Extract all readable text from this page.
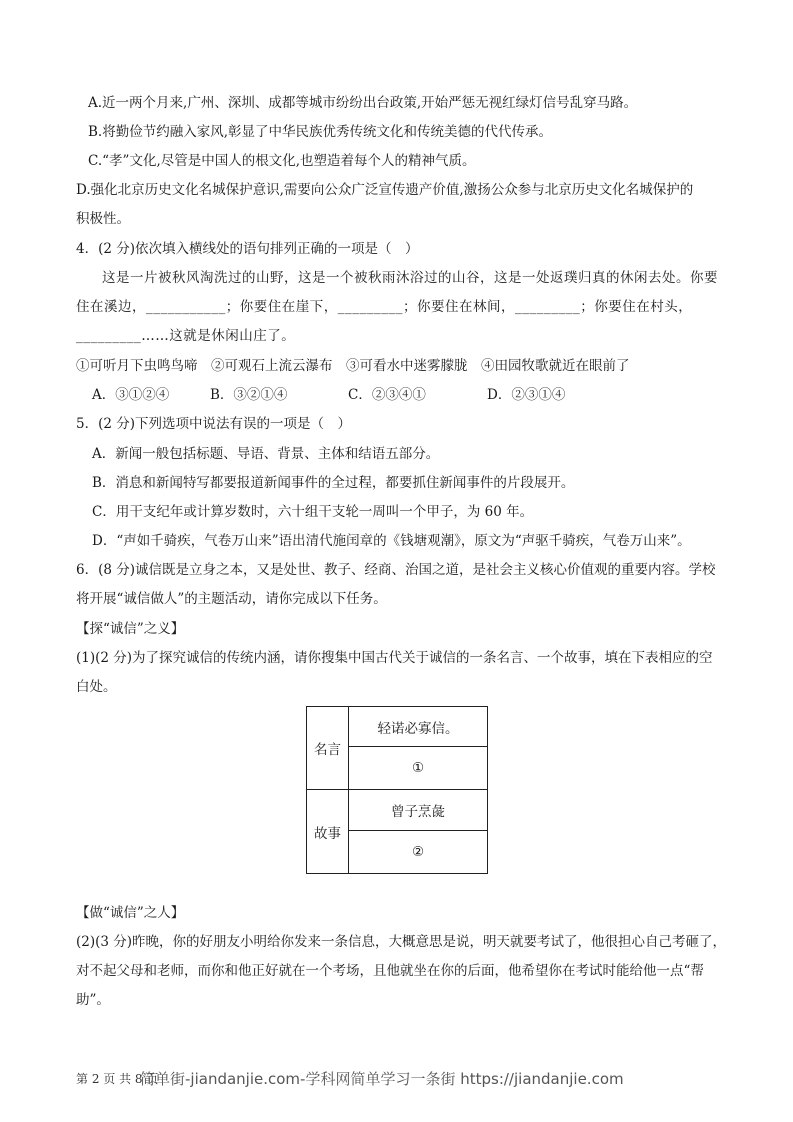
A.近一两个月来,广州、深圳、成都等城市纷纷出台政策,开始严惩无视红绿灯信号乱穿马路。
B.将勤俭节约融入家风,彰显了中华民族优秀传统文化和传统美德的代代传承。
C.“孝”文化,尽管是中国人的根文化,也塑造着每个人的精神气质。
D.强化北京历史文化名城保护意识,需要向公众广泛宣传遗产价值,激扬公众参与北京历史文化名城保护的
积极性。
4．(2 分)依次填入横线处的语句排列正确的一项是（　）
这是一片被秋风淘洗过的山野，这是一个被秋雨沐浴过的山谷，这是一处返璞归真的休闲去处。你要
住在溪边，___________；你要住在崖下，_________；你要住在林间，_________；你要住在村头，
_________……这就是休闲山庄了。
①可听月下虫鸣鸟啼　②可观石上流云瀑布　③可看水中迷雾朦胧　④田园牧歌就近在眼前了
A．③①②④	B．③②①④	C．②③④①	D．②③①④
5．(2 分)下列选项中说法有误的一项是（　）
A．新闻一般包括标题、导语、背景、主体和结语五部分。
B．消息和新闻特写都要报道新闻事件的全过程，都要抓住新闻事件的片段展开。
C．用干支纪年或计算岁数时，六十组干支轮一周叫一个甲子，为 60 年。
D．“声如千骑疾，气卷万山来”语出清代施闰章的《钱塘观潮》，原文为“声驱千骑疾，气卷万山来”。
6．(8 分)诚信既是立身之本，又是处世、教子、经商、治国之道，是社会主义核心价值观的重要内容。学校
将开展“诚信做人”的主题活动，请你完成以下任务。
【探“诚信”之义】
(1)(2 分)为了探究诚信的传统内涵，请你搜集中国古代关于诚信的一条名言、一个故事，填在下表相应的空
白处。
名言	轻诺必寡信。
	①
故事	曾子烹彘
	②
【做“诚信”之人】
(2)(3 分)昨晚，你的好朋友小明给你发来一条信息，大概意思是说，明天就要考试了，他很担心自己考砸了，
对不起父母和老师，而你和他正好就在一个考场，且他就坐在你的后面，他希望你在考试时能给他一点“帮
助”。
第 2 页 共 8 页
简单街-jiandanjie.com-学科网简单学习一条街 https://jiandanjie.com
